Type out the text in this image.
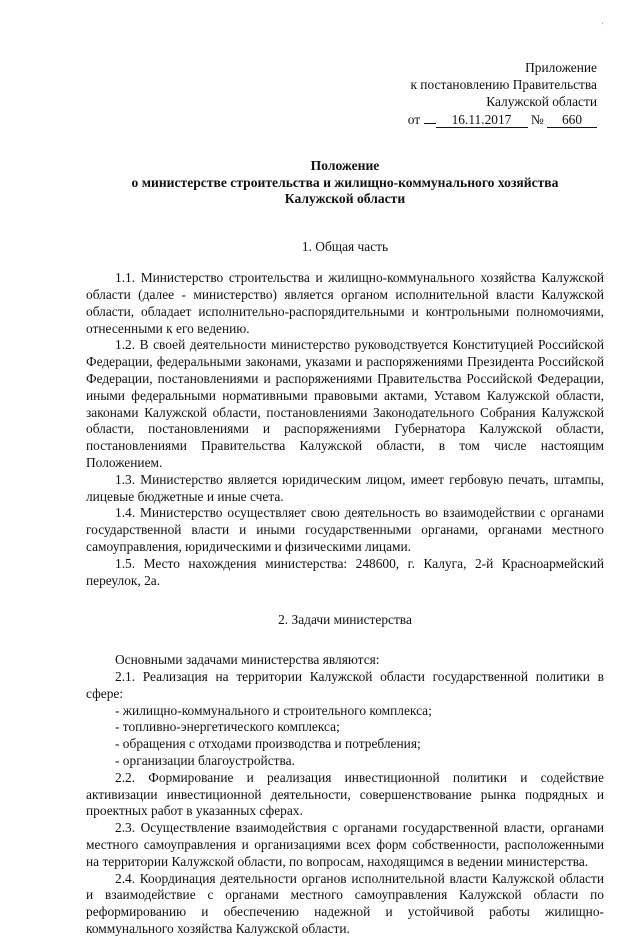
'
Приложение
к постановлению Правительства
Калужской области
от 16.11.2017 № 660
Положение
о министерстве строительства и жилищно-коммунального хозяйства
Калужской области
1. Общая часть

1.1. Министерство строительства и жилищно-коммунального хозяйства Калужской области (далее - министерство) является органом исполнительной власти Калужской области, обладает исполнительно-распорядительными и контрольными полномочиями, отнесенными к его ведению.

1.2. В своей деятельности министерство руководствуется Конституцией Российской Федерации, федеральными законами, указами и распоряжениями Президента Российской Федерации, постановлениями и распоряжениями Правительства Российской Федерации, иными федеральными нормативными правовыми актами, Уставом Калужской области, законами Калужской области, постановлениями Законодательного Собрания Калужской области, постановлениями и распоряжениями Губернатора Калужской области, постановлениями Правительства Калужской области, в том числе настоящим Положением.

1.3. Министерство является юридическим лицом, имеет гербовую печать, штампы, лицевые бюджетные и иные счета.

1.4. Министерство осуществляет свою деятельность во взаимодействии с органами государственной власти и иными государственными органами, органами местного самоуправления, юридическими и физическими лицами.

1.5. Место нахождения министерства: 248600, г. Калуга, 2-й Красноармейский переулок, 2а.

2. Задачи министерства

Основными задачами министерства являются:

2.1. Реализация на территории Калужской области государственной политики в сфере:

- жилищно-коммунального и строительного комплекса;

- топливно-энергетического комплекса;

- обращения с отходами производства и потребления;

- организации благоустройства.

2.2. Формирование и реализация инвестиционной политики и содействие активизации инвестиционной деятельности, совершенствование рынка подрядных и проектных работ в указанных сферах.

2.3. Осуществление взаимодействия с органами государственной власти, органами местного самоуправления и организациями всех форм собственности, расположенными на территории Калужской области, по вопросам, находящимся в ведении министерства.

2.4. Координация деятельности органов исполнительной власти Калужской области и взаимодействие с органами местного самоуправления Калужской области по реформированию и обеспечению надежной и устойчивой работы жилищно-коммунального хозяйства Калужской области.
